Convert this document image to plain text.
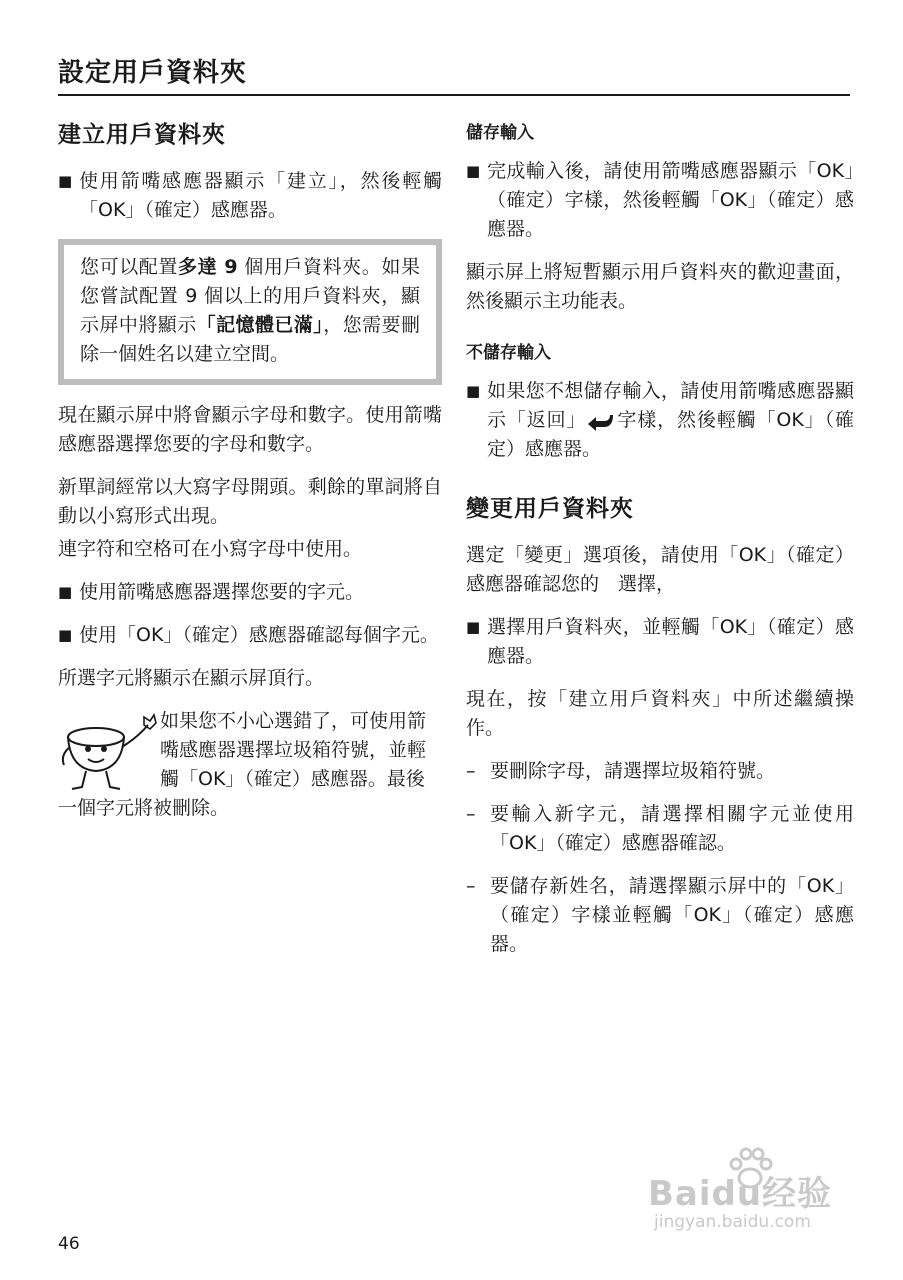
設定用戶資料夾
建立用戶資料夾
■ 使用箭嘴感應器顯示「建立」，然後輕觸「OK」（確定）感應器。
您可以配置多達 9 個用戶資料夾。如果您嘗試配置 9 個以上的用戶資料夾，顯示屏中將顯示「記憶體已滿」，您需要刪除一個姓名以建立空間。

現在顯示屏中將會顯示字母和數字。使用箭嘴感應器選擇您要的字母和數字。

新單詞經常以大寫字母開頭。剩餘的單詞將自動以小寫形式出現。

連字符和空格可在小寫字母中使用。

■ 使用箭嘴感應器選擇您要的字元。
■ 使用「OK」（確定）感應器確認每個字元。

所選字元將顯示在顯示屏頂行。

如果您不小心選錯了，可使用箭嘴感應器選擇垃圾箱符號，並輕觸「OK」（確定）感應器。最後一個字元將被刪除。
儲存輸入
■ 完成輸入後，請使用箭嘴感應器顯示「OK」（確定）字樣，然後輕觸「OK」（確定）感應器。

顯示屏上將短暫顯示用戶資料夾的歡迎畫面，然後顯示主功能表。

不儲存輸入
■ 如果您不想儲存輸入，請使用箭嘴感應器顯示「返回」 字樣，然後輕觸「OK」（確定）感應器。
變更用戶資料夾

選定「變更」選項後，請使用「OK」（確定）感應器確認您的　選擇，

■ 選擇用戶資料夾，並輕觸「OK」（確定）感應器。

現在，按「建立用戶資料夾」中所述繼續操作。

– 要刪除字母，請選擇垃圾箱符號。
– 要輸入新字元，請選擇相關字元並使用「OK」（確定）感應器確認。
– 要儲存新姓名，請選擇顯示屏中的「OK」（確定）字樣並輕觸「OK」（確定）感應器。
Baidu经验
jingyan.baidu.com
46
